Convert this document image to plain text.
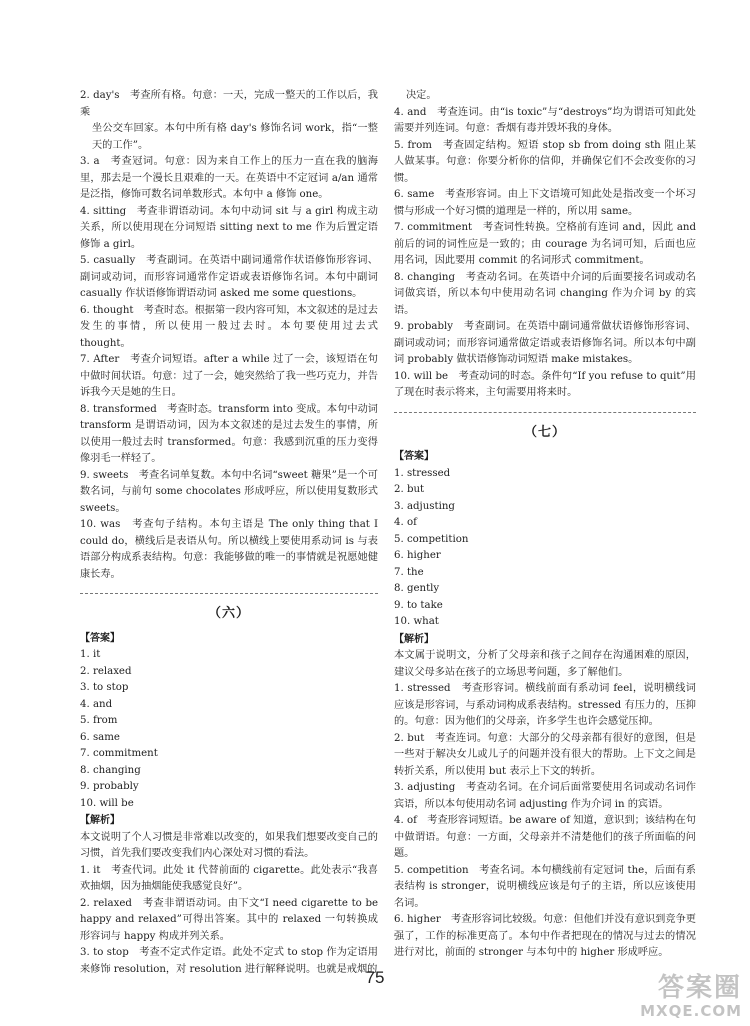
2. day's　考查所有格。句意：一天，完成一整天的工作以后，我乘

坐公交车回家。本句中所有格 day's 修饰名词 work，指“一整天的工作”。

3. a　考查冠词。句意：因为来自工作上的压力一直在我的脑海里，那去是一个漫长且艰难的一天。在英语中不定冠词 a/an 通常是泛指，修饰可数名词单数形式。本句中 a 修饰 one。

4. sitting　考查非谓语动词。本句中动词 sit 与 a girl 构成主动关系，所以使用现在分词短语 sitting next to me 作为后置定语修饰 a girl。

5. casually　考查副词。在英语中副词通常作状语修饰形容词、副词或动词，而形容词通常作定语或表语修饰名词。本句中副词 casually 作状语修饰谓语动词 asked me some questions。

6. thought　考查时态。根据第一段内容可知，本文叙述的是过去发生的事情，所以使用一般过去时。本句要使用过去式 thought。

7. After　考查介词短语。after a while 过了一会，该短语在句中做时间状语。句意：过了一会，她突然给了我一些巧克力，并告诉我今天是她的生日。

8. transformed　考查时态。transform into 变成。本句中动词 transform 是谓语动词，因为本文叙述的是过去发生的事情，所以使用一般过去时 transformed。句意：我感到沉重的压力变得像羽毛一样轻了。

9. sweets　考查名词单复数。本句中名词“sweet 糖果”是一个可数名词，与前句 some chocolates 形成呼应，所以使用复数形式 sweets。

10. was　考查句子结构。本句主语是 The only thing that I could do，横线后是表语从句。所以横线上要使用系动词 is 与表语部分构成系表结构。句意：我能够做的唯一的事情就是祝愿她健康长寿。

（六）

【答案】

1. it

2. relaxed

3. to stop

4. and

5. from

6. same

7. commitment

8. changing

9. probably

10. will be

【解析】

本文说明了个人习惯是非常难以改变的，如果我们想要改变自己的习惯，首先我们要改变我们内心深处对习惯的看法。

1. it　考查代词。此处 it 代替前面的 cigarette。此处表示“我喜欢抽烟，因为抽烟能使我感觉良好”。

2. relaxed　考查非谓语动词。由下文“I need cigarette to be happy and relaxed”可得出答案。其中的 relaxed 一句转换成形容词与 happy 构成并列关系。

3. to stop　考查不定式作定语。此处不定式 to stop 作为定语用来修饰 resolution，对 resolution 进行解释说明。也就是戒烟的

决定。

4. and　考查连词。由“is toxic”与“destroys”均为谓语可知此处需要并列连词。句意：香烟有毒并毁坏我的身体。

5. from　考查固定结构。短语 stop sb from doing sth 阻止某人做某事。句意：你要分析你的信仰，并确保它们不会改变你的习惯。

6. same　考查形容词。由上下文语境可知此处是指改变一个坏习惯与形成一个好习惯的道理是一样的，所以用 same。

7. commitment　考查词性转换。空格前有连词 and，因此 and 前后的词的词性应是一致的；由 courage 为名词可知，后面也应用名词，因此要用 commit 的名词形式 commitment。

8. changing　考查动名词。在英语中介词的后面要接名词或动名词做宾语，所以本句中使用动名词 changing 作为介词 by 的宾语。

9. probably　考查副词。在英语中副词通常做状语修饰形容词、副词或动词；而形容词通常做定语或表语修饰名词。所以本句中副词 probably 做状语修饰动词短语 make mistakes。

10. will be　考查动词的时态。条件句“If you refuse to quit”用了现在时表示将来，主句需要用将来时。

（七）

【答案】

1. stressed

2. but

3. adjusting

4. of

5. competition

6. higher

7. the

8. gently

9. to take

10. what

【解析】

本文属于说明文，分析了父母亲和孩子之间存在沟通困难的原因，建议父母多站在孩子的立场思考问题，多了解他们。

1. stressed　考查形容词。横线前面有系动词 feel，说明横线词应该是形容词，与系动词构成系表结构。stressed 有压力的，压抑的。句意：因为他们的父母亲，许多学生也许会感觉压抑。

2. but　考查连词。句意：大部分的父母亲都有很好的意图，但是一些对于解决女儿或儿子的问题并没有很大的帮助。上下文之间是转折关系，所以使用 but 表示上下文的转折。

3. adjusting　考查动名词。在介词后面常要使用名词或动名词作宾语，所以本句使用动名词 adjusting 作为介词 in 的宾语。

4. of　考查形容词短语。be aware of 知道，意识到；该结构在句中做谓语。句意：一方面，父母亲并不清楚他们的孩子所面临的问题。

5. competition　考查名词。本句横线前有定冠词 the，后面有系表结构 is stronger，说明横线应该是句子的主语，所以应该使用名词。

6. higher　考查形容词比较级。句意：但他们并没有意识到竞争更强了，工作的标准更高了。本句中作者把现在的情况与过去的情况进行对比，前面的 stronger 与本句中的 higher 形成呼应。

75	答案圈
MXQE.COM
